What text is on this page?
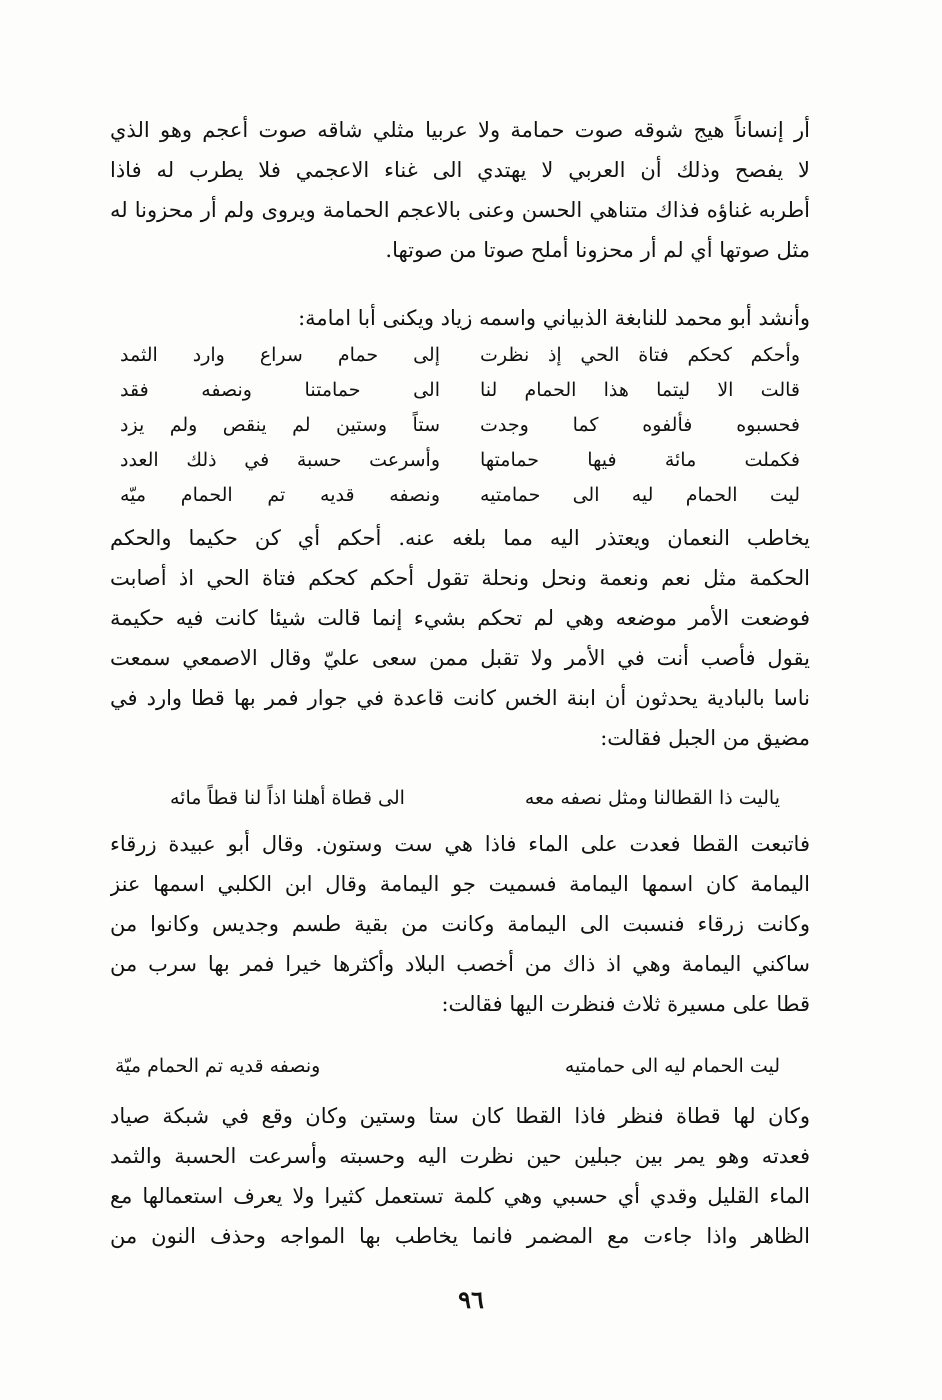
أر إنساناً هيج شوقه صوت حمامة ولا عربيا مثلي شاقه صوت أعجم وهو الذي
لا يفصح وذلك أن العربي لا يهتدي الى غناء الاعجمي فلا يطرب له فاذا
أطربه غناؤه فذاك متناهي الحسن وعنى بالاعجم الحمامة ويروى ولم أر محزونا له
مثل صوتها أي لم أر محزونا أملح صوتا من صوتها.
وأنشد أبو محمد للنابغة الذبياني واسمه زياد ويكنى أبا امامة:
وأحكم كحكم فتاة الحي إذ نظرت
إلى حمام سراع وارد الثمد
قالت الا ليتما هذا الحمام لنا
الى حمامتنا ونصفه فقد
فحسبوه فألفوه كما وجدت
ستاً وستين لم ينقص ولم يزد
فكملت مائة فيها حمامتها
وأسرعت حسبة في ذلك العدد
ليت الحمام ليه الى حمامتيه
ونصفه قديه تم الحمام ميّه
يخاطب النعمان ويعتذر اليه مما بلغه عنه. أحكم أي كن حكيما والحكم
الحكمة مثل نعم ونعمة ونحل ونحلة تقول أحكم كحكم فتاة الحي اذ أصابت
فوضعت الأمر موضعه وهي لم تحكم بشيء إنما قالت شيئا كانت فيه حكيمة
يقول فأصب أنت في الأمر ولا تقبل ممن سعى عليّ وقال الاصمعي سمعت
ناسا بالبادية يحدثون أن ابنة الخس كانت قاعدة في جوار فمر بها قطا وارد في
مضيق من الجبل فقالت:
ياليت ذا القطالنا ومثل نصفه معه
الى قطاة أهلنا اذاً لنا قطاً مائه
فاتبعت القطا فعدت على الماء فاذا هي ست وستون. وقال أبو عبيدة زرقاء
اليمامة كان اسمها اليمامة فسميت جو اليمامة وقال ابن الكلبي اسمها عنز
وكانت زرقاء فنسبت الى اليمامة وكانت من بقية طسم وجديس وكانوا من
ساكني اليمامة وهي اذ ذاك من أخصب البلاد وأكثرها خيرا فمر بها سرب من
قطا على مسيرة ثلاث فنظرت اليها فقالت:
ليت الحمام ليه الى حمامتيه
ونصفه قديه تم الحمام ميّة
وكان لها قطاة فنظر فاذا القطا كان ستا وستين وكان وقع في شبكة صياد
فعدته وهو يمر بين جبلين حين نظرت اليه وحسبته وأسرعت الحسبة والثمد
الماء القليل وقدي أي حسبي وهي كلمة تستعمل كثيرا ولا يعرف استعمالها مع
الظاهر واذا جاءت مع المضمر فانما يخاطب بها المواجه وحذف النون من
٩٦
